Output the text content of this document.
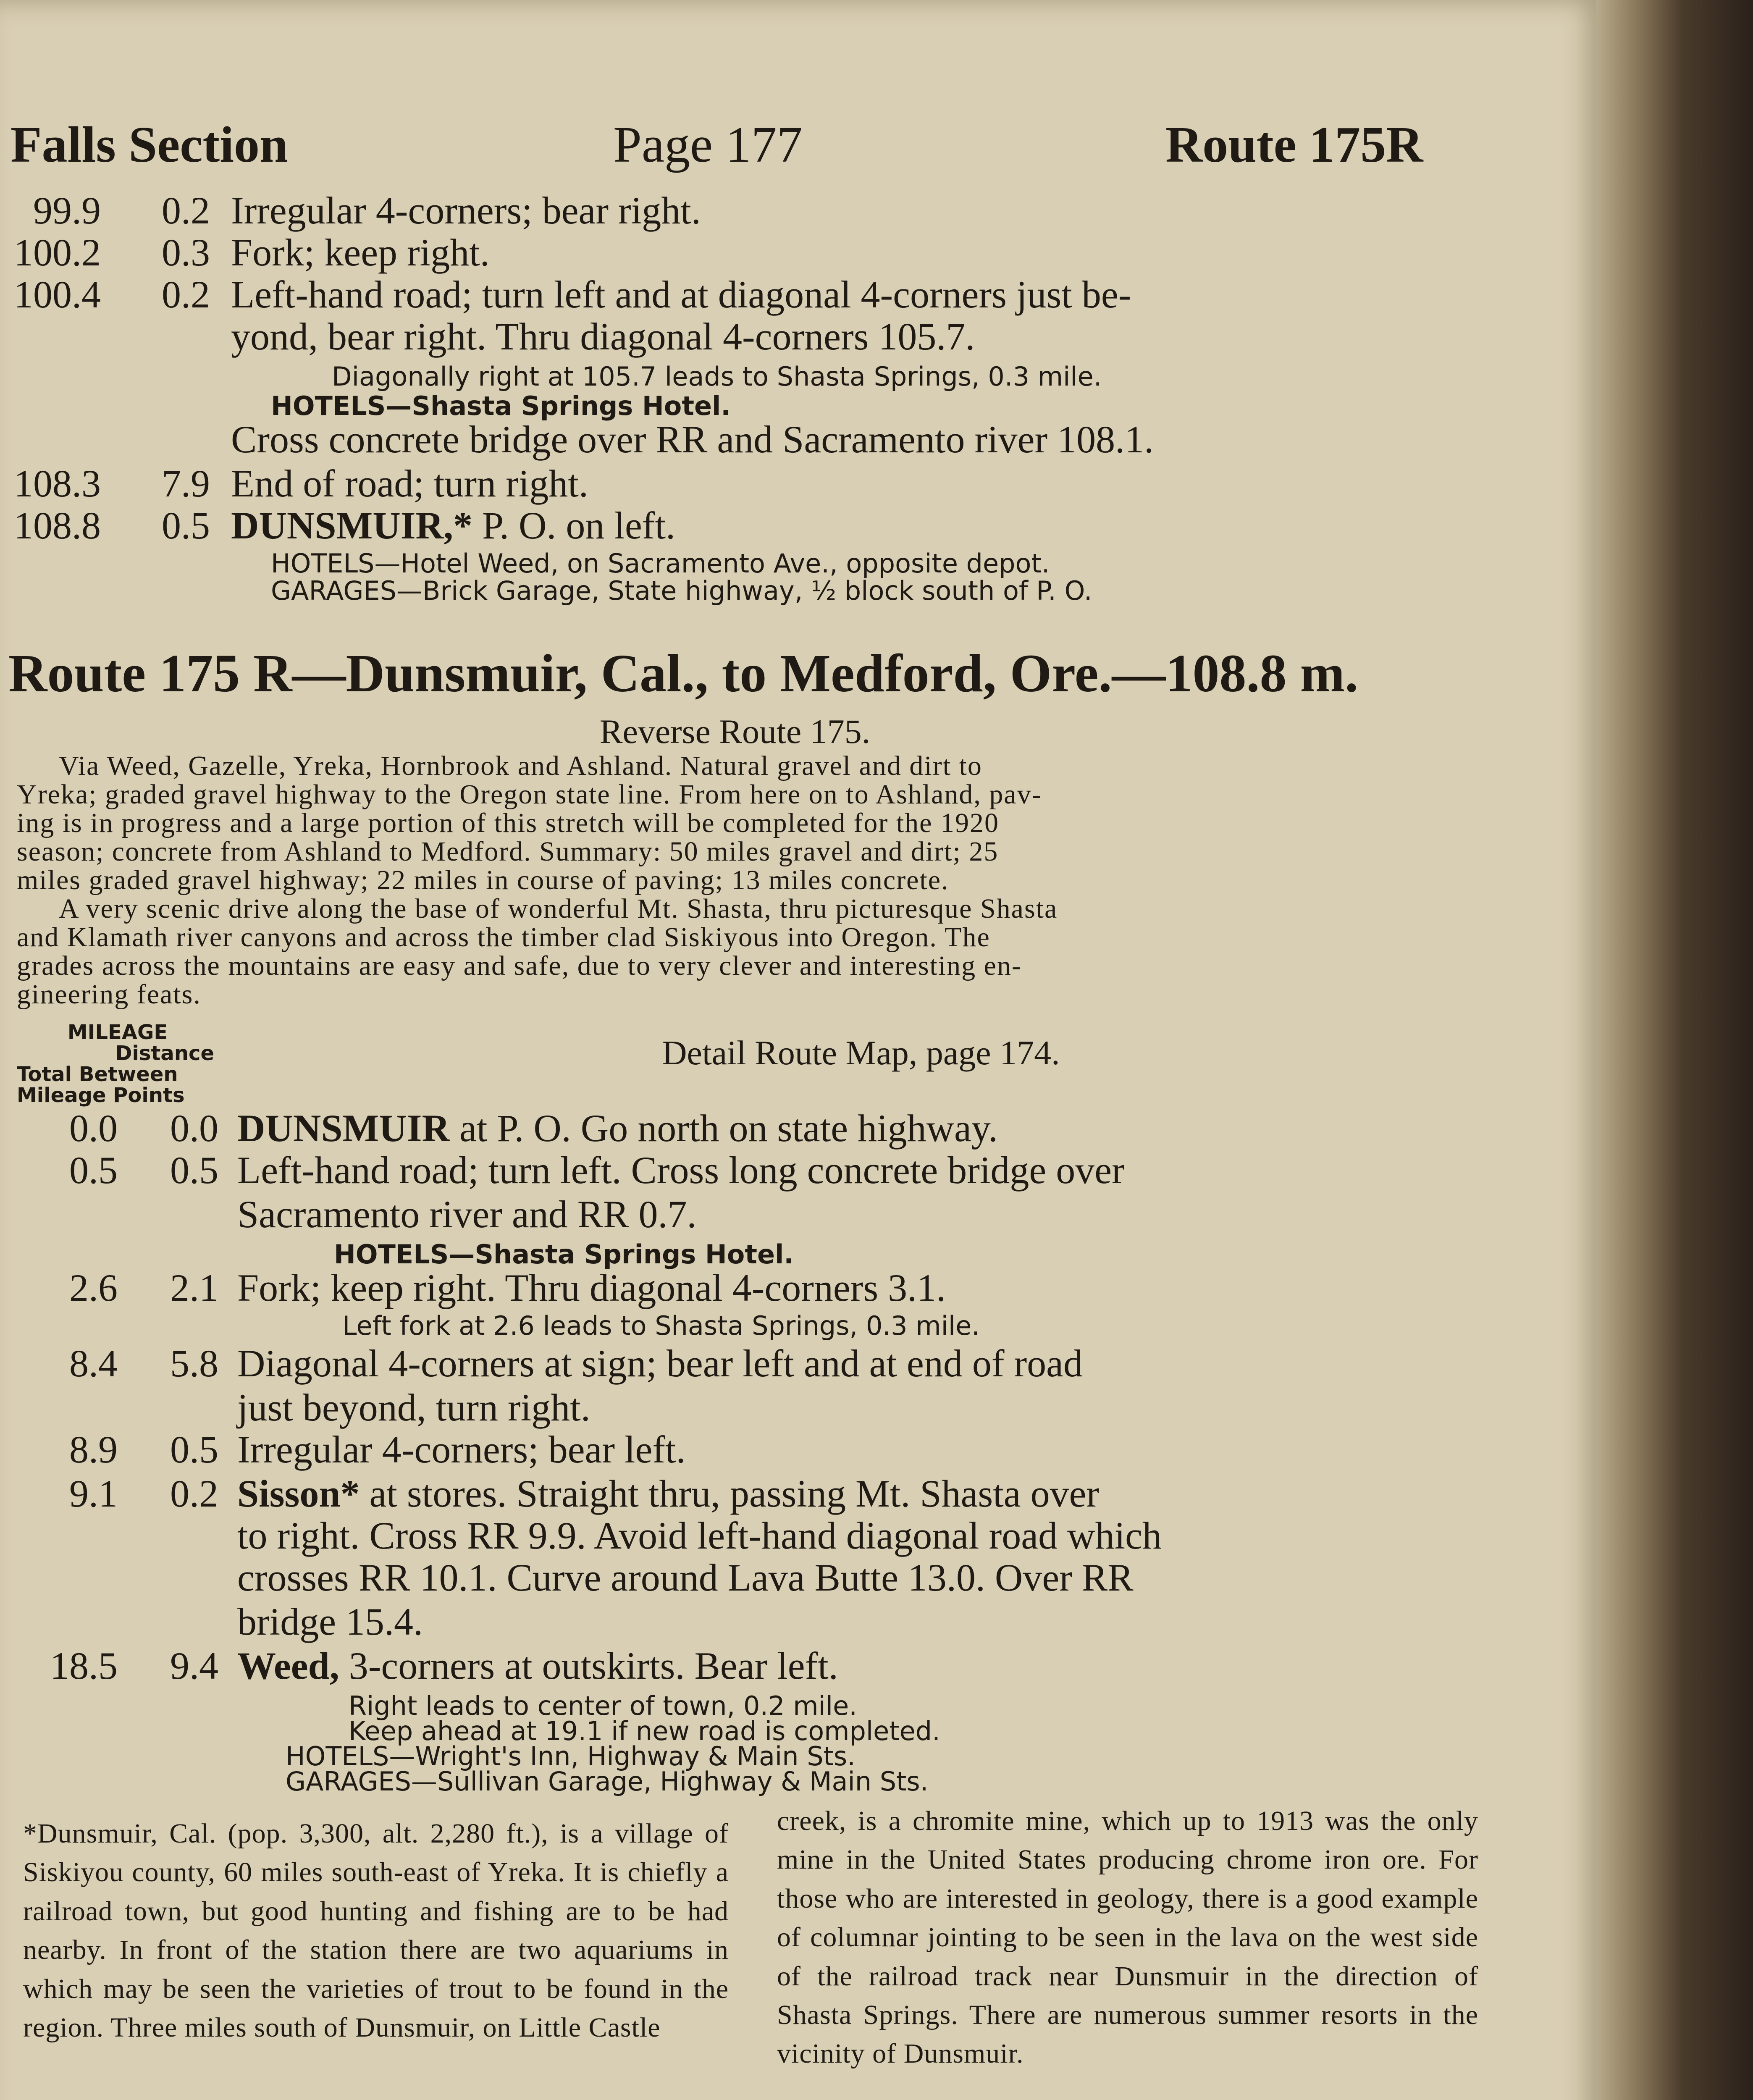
Falls Section	Page 177	Route 175R
99.9	0.2 Irregular 4-corners; bear right.
100.2	0.3 Fork; keep right.
100.4	0.2 Left-hand road; turn left and at diagonal 4-corners just be-
yond, bear right. Thru diagonal 4-corners 105.7.
Diagonally right at 105.7 leads to Shasta Springs, 0.3 mile.
HOTELS—Shasta Springs Hotel.
Cross concrete bridge over RR and Sacramento river 108.1.
108.3	7.9 End of road; turn right.
108.8	0.5 DUNSMUIR,* P. O. on left.
HOTELS—Hotel Weed, on Sacramento Ave., opposite depot.
GARAGES—Brick Garage, State highway, ½ block south of P. O.
Route 175 R—Dunsmuir, Cal., to Medford, Ore.—108.8 m.
Reverse Route 175.
Via Weed, Gazelle, Yreka, Hornbrook and Ashland. Natural gravel and dirt to
Yreka; graded gravel highway to the Oregon state line. From here on to Ashland, pav-
ing is in progress and a large portion of this stretch will be completed for the 1920
season; concrete from Ashland to Medford. Summary: 50 miles gravel and dirt; 25
miles graded gravel highway; 22 miles in course of paving; 13 miles concrete.
A very scenic drive along the base of wonderful Mt. Shasta, thru picturesque Shasta
and Klamath river canyons and across the timber clad Siskiyous into Oregon. The
grades across the mountains are easy and safe, due to very clever and interesting en-
gineering feats.
MILEAGE
Distance
Total Between
Mileage Points
Detail Route Map, page 174.
0.0	0.0 DUNSMUIR at P. O. Go north on state highway.
0.5	0.5 Left-hand road; turn left. Cross long concrete bridge over
Sacramento river and RR 0.7.
HOTELS—Shasta Springs Hotel.
2.6	2.1 Fork; keep right. Thru diagonal 4-corners 3.1.
Left fork at 2.6 leads to Shasta Springs, 0.3 mile.
8.4	5.8 Diagonal 4-corners at sign; bear left and at end of road
just beyond, turn right.
8.9	0.5 Irregular 4-corners; bear left.
9.1	0.2 Sisson* at stores. Straight thru, passing Mt. Shasta over
to right. Cross RR 9.9. Avoid left-hand diagonal road which
crosses RR 10.1. Curve around Lava Butte 13.0. Over RR
bridge 15.4.
18.5	9.4 Weed, 3-corners at outskirts. Bear left.
Right leads to center of town, 0.2 mile.
Keep ahead at 19.1 if new road is completed.
HOTELS—Wright's Inn, Highway & Main Sts.
GARAGES—Sullivan Garage, Highway & Main Sts.

*Dunsmuir, Cal. (pop. 3,300, alt. 2,280 ft.), is a village of Siskiyou county, 60 miles south-east of Yreka. It is chiefly a railroad town, but good hunting and fishing are to be had nearby. In front of the station there are two aquariums in which may be seen the varieties of trout to be found in the region. Three miles south of Dunsmuir, on Little Castle

creek, is a chromite mine, which up to 1913 was the only mine in the United States producing chrome iron ore. For those who are interested in geology, there is a good example of columnar jointing to be seen in the lava on the west side of the railroad track near Dunsmuir in the direction of Shasta Springs. There are numerous summer resorts in the vicinity of Dunsmuir.
